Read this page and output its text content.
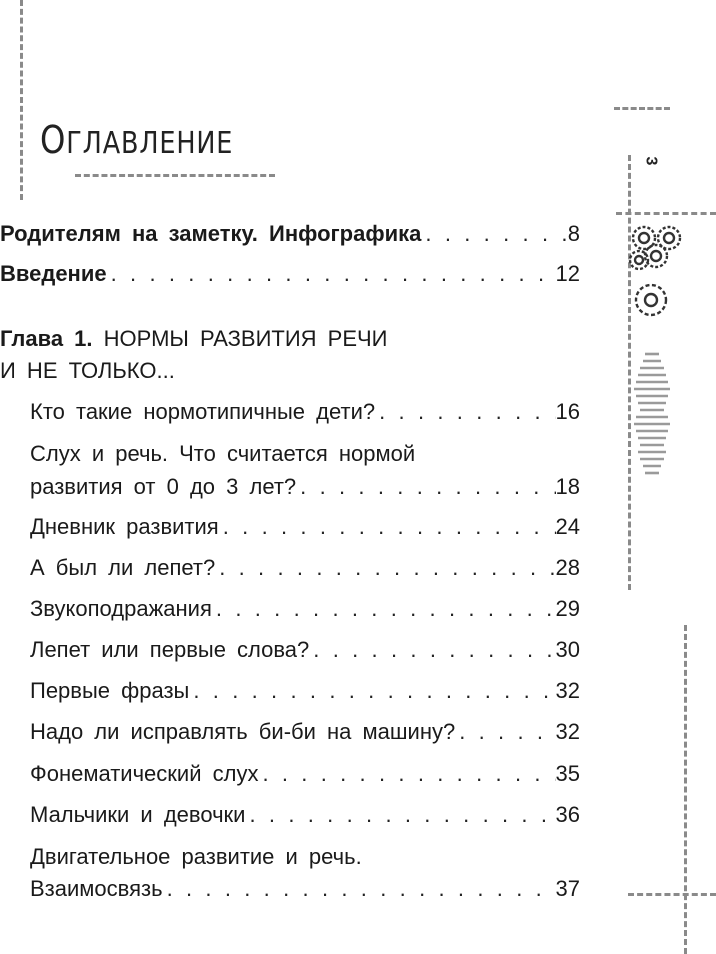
ОГЛАВЛЕНИЕ	3
Родителям на заметку. Инфографика . . .	8
Введение . . .	12
Глава 1. НОРМЫ РАЗВИТИЯ РЕЧИ
И НЕ ТОЛЬКО...
Кто такие нормотипичные дети? . . .	16
Слух и речь. Что считается нормой
развития от 0 до 3 лет? . . .	18
Дневник развития . . .	24
А был ли лепет? . . .	28
Звукоподражания . . .	29
Лепет или первые слова? . . .	30
Первые фразы . . .	32
Надо ли исправлять би-би на машину? . . .	32
Фонематический слух . . .	35
Мальчики и девочки . . .	36
Двигательное развитие и речь.
Взаимосвязь . . .	37
